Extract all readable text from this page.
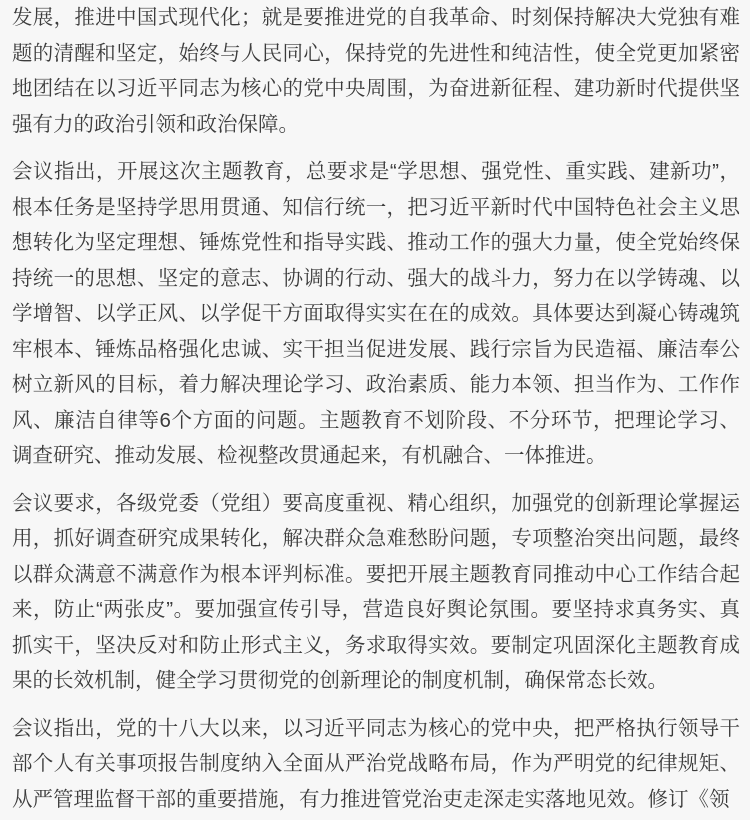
发展，推进中国式现代化；就是要推进党的自我革命、时刻保持解决大党独有难题的清醒和坚定，始终与人民同心，保持党的先进性和纯洁性，使全党更加紧密地团结在以习近平同志为核心的党中央周围，为奋进新征程、建功新时代提供坚强有力的政治引领和政治保障。

会议指出，开展这次主题教育，总要求是“学思想、强党性、重实践、建新功”，根本任务是坚持学思用贯通、知信行统一，把习近平新时代中国特色社会主义思想转化为坚定理想、锤炼党性和指导实践、推动工作的强大力量，使全党始终保持统一的思想、坚定的意志、协调的行动、强大的战斗力，努力在以学铸魂、以学增智、以学正风、以学促干方面取得实实在在的成效。具体要达到凝心铸魂筑牢根本、锤炼品格强化忠诚、实干担当促进发展、践行宗旨为民造福、廉洁奉公树立新风的目标，着力解决理论学习、政治素质、能力本领、担当作为、工作作风、廉洁自律等6个方面的问题。主题教育不划阶段、不分环节，把理论学习、调查研究、推动发展、检视整改贯通起来，有机融合、一体推进。

会议要求，各级党委（党组）要高度重视、精心组织，加强党的创新理论掌握运用，抓好调查研究成果转化，解决群众急难愁盼问题，专项整治突出问题，最终以群众满意不满意作为根本评判标准。要把开展主题教育同推动中心工作结合起来，防止“两张皮”。要加强宣传引导，营造良好舆论氛围。要坚持求真务实、真抓实干，坚决反对和防止形式主义，务求取得实效。要制定巩固深化主题教育成果的长效机制，健全学习贯彻党的创新理论的制度机制，确保常态长效。

会议指出，党的十八大以来，以习近平同志为核心的党中央，把严格执行领导干部个人有关事项报告制度纳入全面从严治党战略布局，作为严明党的纪律规矩、从严管理监督干部的重要措施，有力推进管党治吏走深走实落地见效。修订《领
